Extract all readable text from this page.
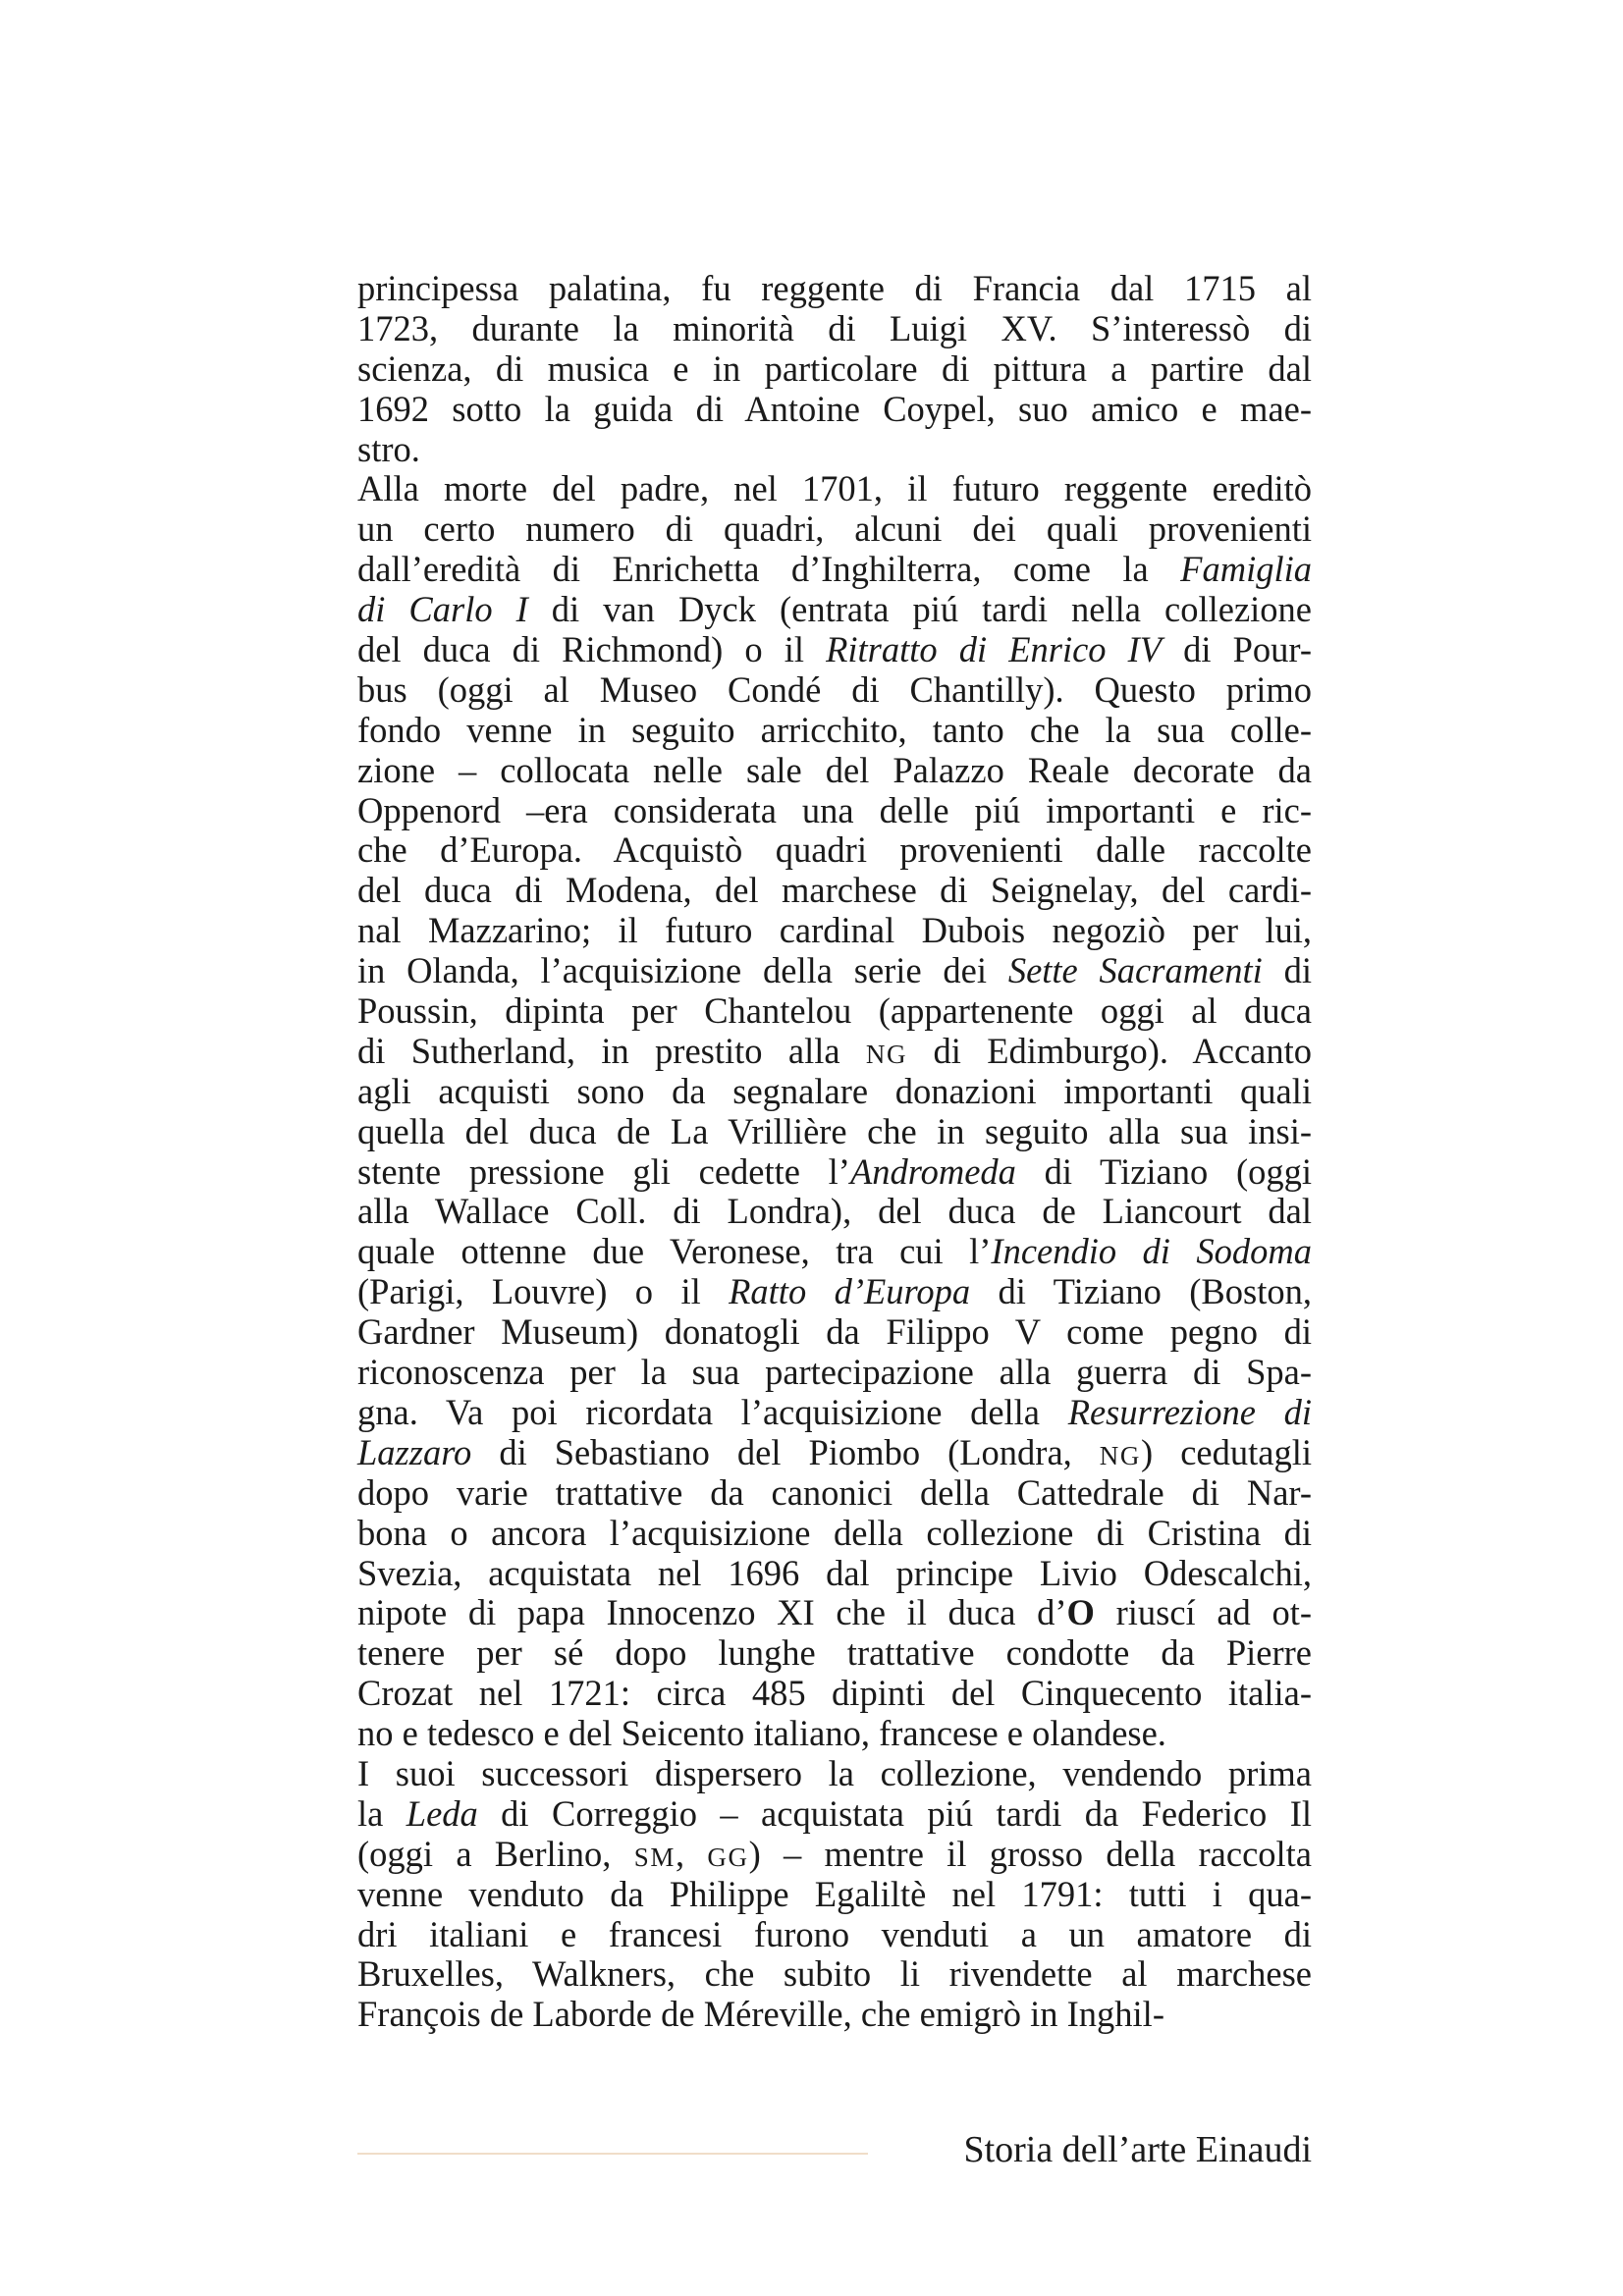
principessa palatina, fu reggente di Francia dal 1715 al
1723, durante la minorità di Luigi XV. S’interessò di
scienza, di musica e in particolare di pittura a partire dal
1692 sotto la guida di Antoine Coypel, suo amico e mae-
stro.
Alla morte del padre, nel 1701, il futuro reggente ereditò
un certo numero di quadri, alcuni dei quali provenienti
dall’eredità di Enrichetta d’Inghilterra, come la Famiglia
di Carlo I di van Dyck (entrata piú tardi nella collezione
del duca di Richmond) o il Ritratto di Enrico IV di Pour-
bus (oggi al Museo Condé di Chantilly). Questo primo
fondo venne in seguito arricchito, tanto che la sua colle-
zione – collocata nelle sale del Palazzo Reale decorate da
Oppenord –era considerata una delle piú importanti e ric-
che d’Europa. Acquistò quadri provenienti dalle raccolte
del duca di Modena, del marchese di Seignelay, del cardi-
nal Mazzarino; il futuro cardinal Dubois negoziò per lui,
in Olanda, l’acquisizione della serie dei Sette Sacramenti di
Poussin, dipinta per Chantelou (appartenente oggi al duca
di Sutherland, in prestito alla NG di Edimburgo). Accanto
agli acquisti sono da segnalare donazioni importanti quali
quella del duca de La Vrillière che in seguito alla sua insi-
stente pressione gli cedette l’Andromeda di Tiziano (oggi
alla Wallace Coll. di Londra), del duca de Liancourt dal
quale ottenne due Veronese, tra cui l’Incendio di Sodoma
(Parigi, Louvre) o il Ratto d’Europa di Tiziano (Boston,
Gardner Museum) donatogli da Filippo V come pegno di
riconoscenza per la sua partecipazione alla guerra di Spa-
gna. Va poi ricordata l’acquisizione della Resurrezione di
Lazzaro di Sebastiano del Piombo (Londra, NG) cedutagli
dopo varie trattative da canonici della Cattedrale di Nar-
bona o ancora l’acquisizione della collezione di Cristina di
Svezia, acquistata nel 1696 dal principe Livio Odescalchi,
nipote di papa Innocenzo XI che il duca d’O riuscí ad ot-
tenere per sé dopo lunghe trattative condotte da Pierre
Crozat nel 1721: circa 485 dipinti del Cinquecento italia-
no e tedesco e del Seicento italiano, francese e olandese.
I suoi successori dispersero la collezione, vendendo prima
la Leda di Correggio – acquistata piú tardi da Federico Il
(oggi a Berlino, SM, GG) – mentre il grosso della raccolta
venne venduto da Philippe Egaliltè nel 1791: tutti i qua-
dri italiani e francesi furono venduti a un amatore di
Bruxelles, Walkners, che subito li rivendette al marchese
François de Laborde de Méreville, che emigrò in Inghil-
Storia dell’arte Einaudi
